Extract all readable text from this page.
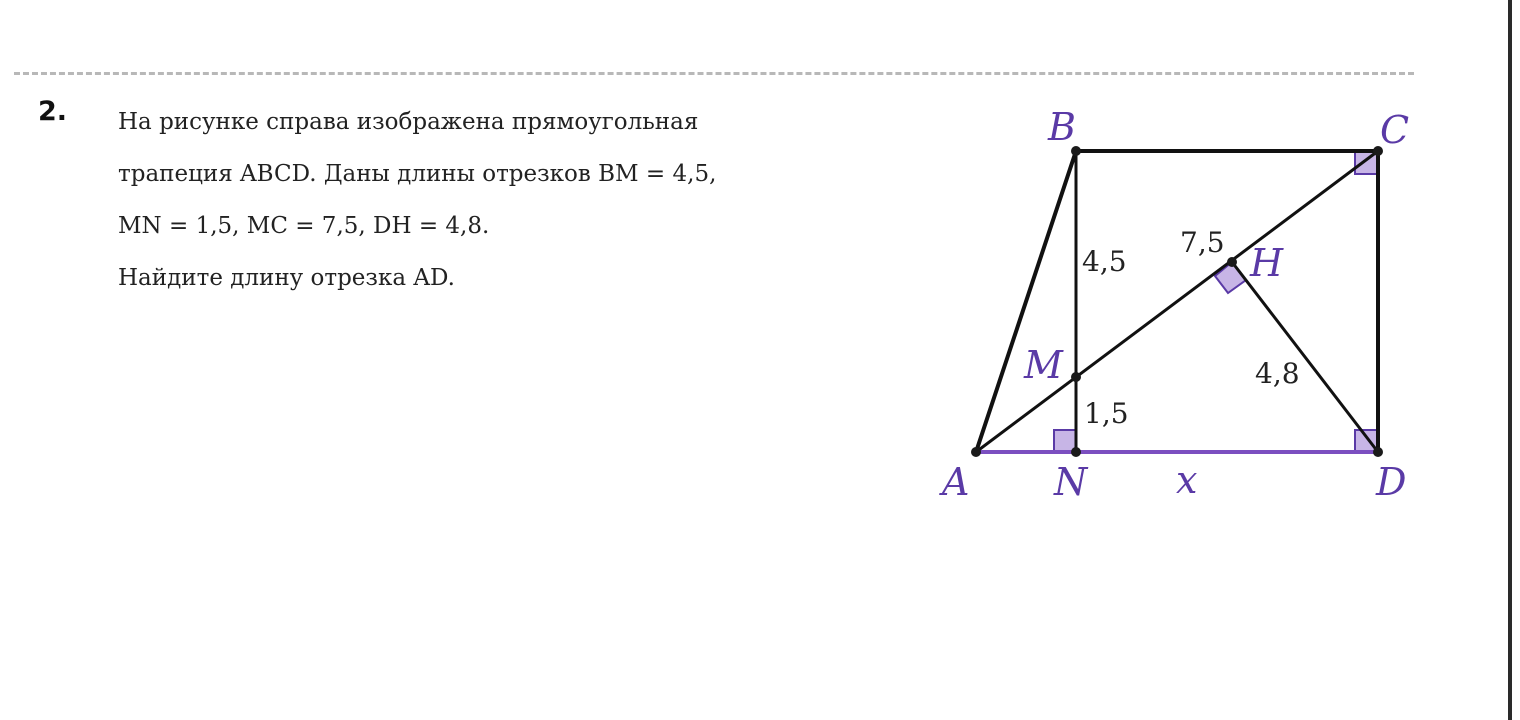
2. На рисунке справа изображена прямоугольная
трапеция ABCD. Даны длины отрезков BM = 4,5,
MN = 1,5, MC = 7,5, DH = 4,8.
Найдите длину отрезка AD.
B	C
H
M
A N	D
x
4,5
1,5
7,5
4,8
